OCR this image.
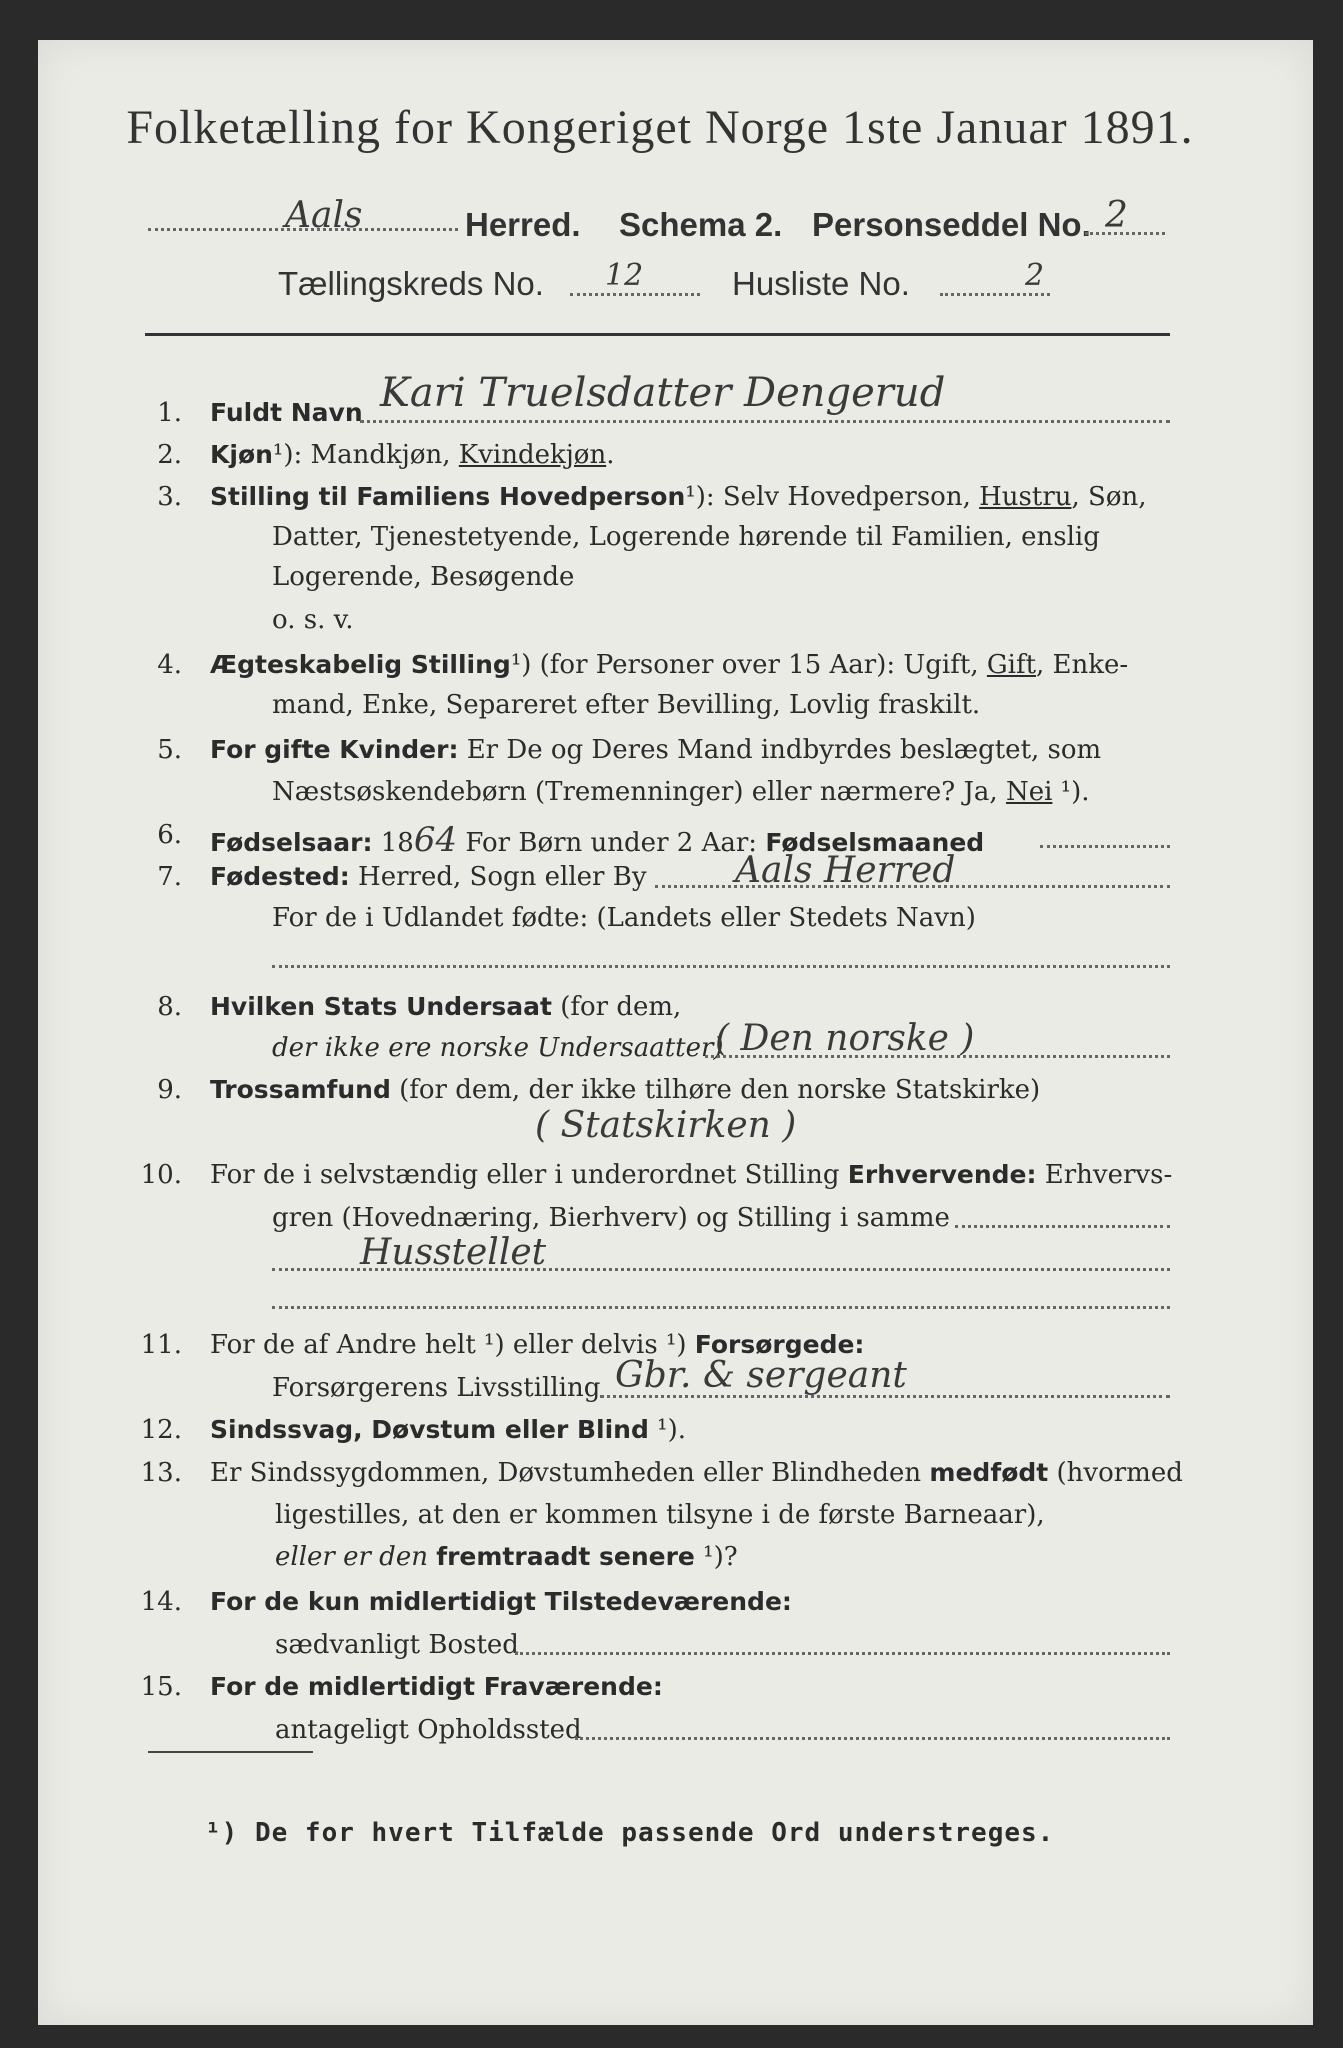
Folketælling for Kongeriget Norge 1ste Januar 1891.
Aals	Herred. Schema 2. Personseddel No. 2
Tællingskreds No. 12	Husliste No.	2
1. Fuldt Navn Kari Truelsdatter Dengerud
2. Kjøn¹): Mandkjøn, Kvindekjøn.
3. Stilling til Familiens Hovedperson¹): Selv Hovedperson, Hustru, Søn,
Datter, Tjenestetyende, Logerende hørende til Familien, enslig
Logerende, Besøgende
o. s. v.
4. Ægteskabelig Stilling¹) (for Personer over 15 Aar): Ugift, Gift, Enke-
mand, Enke, Separeret efter Bevilling, Lovlig fraskilt.
5. For gifte Kvinder: Er De og Deres Mand indbyrdes beslægtet, som
Næstsøskendebørn (Tremenninger) eller nærmere? Ja, Nei ¹).
6. Fødselsaar: 1864 For Børn under 2 Aar: Fødselsmaaned
7. Fødested: Herred, Sogn eller By Aals Herred
For de i Udlandet fødte: (Landets eller Stedets Navn)
8. Hvilken Stats Undersaat (for dem,
der ikke ere norske Undersaatter)
( Den norske )
9. Trossamfund (for dem, der ikke tilhøre den norske Statskirke)
( Statskirken )
10. For de i selvstændig eller i underordnet Stilling Erhvervende: Erhvervs-
gren (Hovednæring, Bierhverv) og Stilling i samme
Husstellet
11. For de af Andre helt ¹) eller delvis ¹) Forsørgede:
Forsørgerens Livsstilling Gbr. & sergeant
12. Sindssvag, Døvstum eller Blind ¹).
13. Er Sindssygdommen, Døvstumheden eller Blindheden medfødt (hvormed
ligestilles, at den er kommen tilsyne i de første Barneaar),
eller er den fremtraadt senere ¹)?
14. For de kun midlertidigt Tilstedeværende:
sædvanligt Bosted
15. For de midlertidigt Fraværende:
antageligt Opholdssted
¹) De for hvert Tilfælde passende Ord understreges.
